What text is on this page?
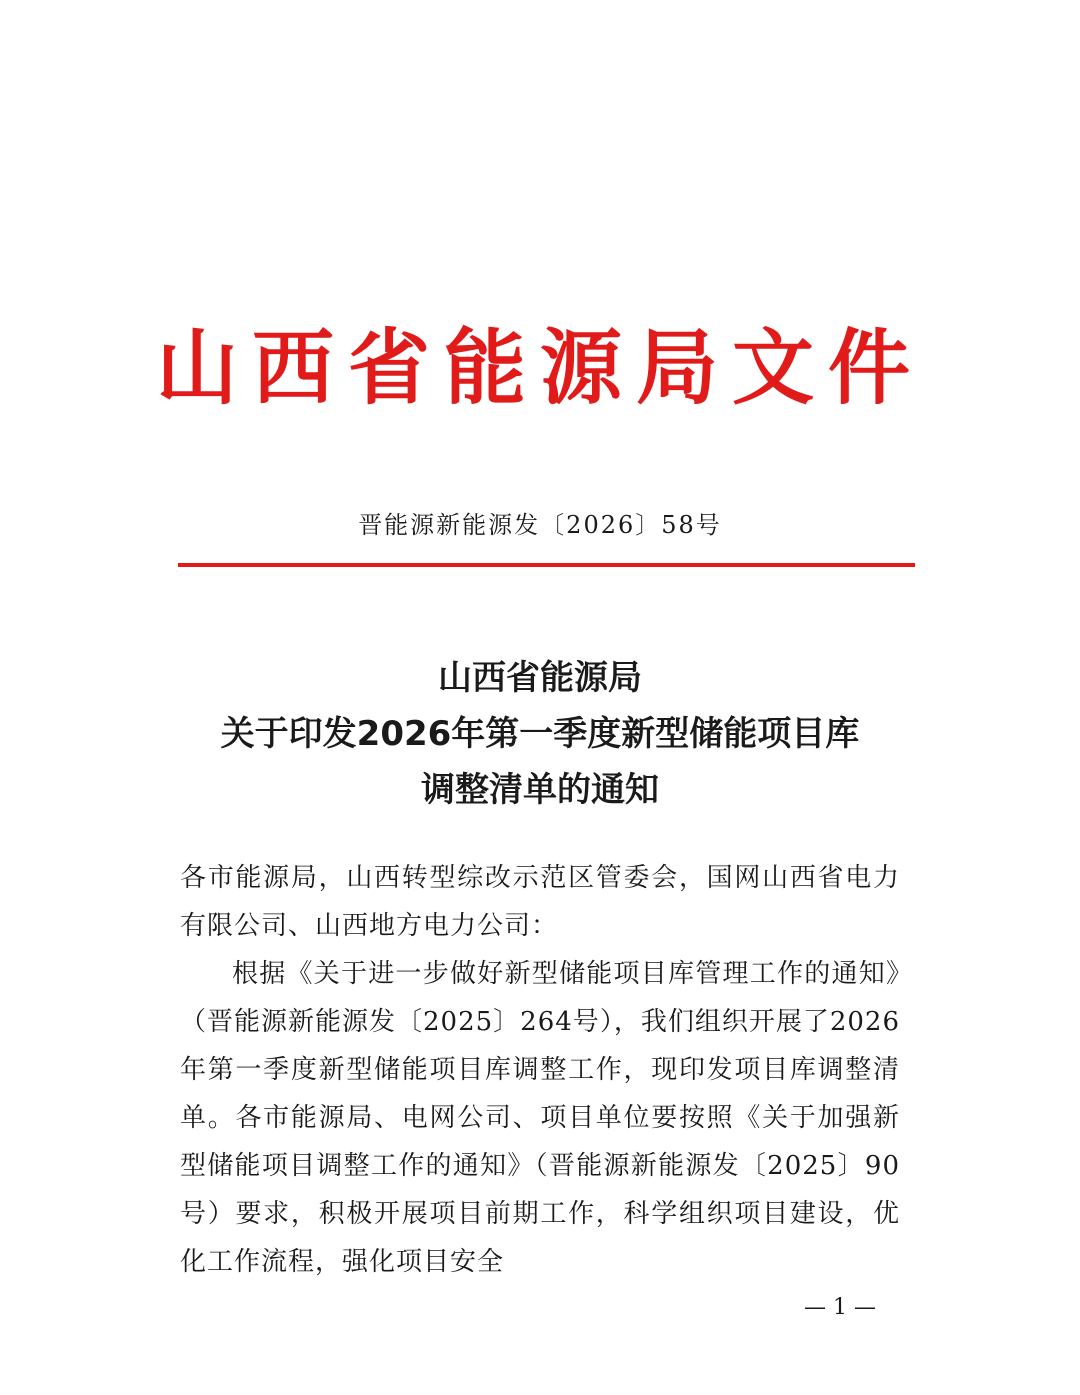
山西省能源局文件
晋能源新能源发〔2026〕58号
山西省能源局
关于印发2026年第一季度新型储能项目库
调整清单的通知

各市能源局，山西转型综改示范区管委会，国网山西省电力有限公司、山西地方电力公司：

根据《关于进一步做好新型储能项目库管理工作的通知》（晋能源新能源发〔2025〕264号），我们组织开展了2026年第一季度新型储能项目库调整工作，现印发项目库调整清单。各市能源局、电网公司、项目单位要按照《关于加强新型储能项目调整工作的通知》（晋能源新能源发〔2025〕90号）要求，积极开展项目前期工作，科学组织项目建设，优化工作流程，强化项目安全

— 1 —
